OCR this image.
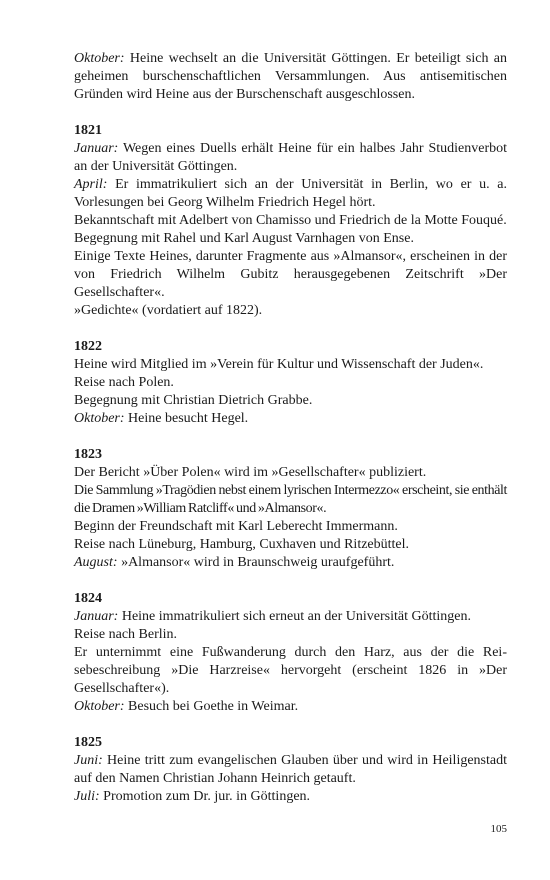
Oktober: Heine wechselt an die Universität Göttingen. Er beteiligt sich an geheimen burschenschaftlichen Versammlungen. Aus antisemitischen Gründen wird Heine aus der Burschenschaft ausgeschlossen.

1821

Januar: Wegen eines Duells erhält Heine für ein halbes Jahr Studienverbot an der Universität Göttingen.

April: Er immatrikuliert sich an der Universität in Berlin, wo er u. a. Vorlesungen bei Georg Wilhelm Friedrich Hegel hört.

Bekanntschaft mit Adelbert von Chamisso und Friedrich de la Motte Fouqué.

Begegnung mit Rahel und Karl August Varnhagen von Ense.

Einige Texte Heines, darunter Fragmente aus »Almansor«, erscheinen in der von Friedrich Wilhelm Gubitz herausgegebenen Zeitschrift »Der Gesellschafter«.

»Gedichte« (vordatiert auf 1822).

1822

Heine wird Mitglied im »Verein für Kultur und Wissenschaft der Juden«.

Reise nach Polen.

Begegnung mit Christian Dietrich Grabbe.

Oktober: Heine besucht Hegel.

1823

Der Bericht »Über Polen« wird im »Gesellschafter« publiziert.

Die Sammlung »Tragödien nebst einem lyrischen Intermezzo« erscheint, sie enthält die Dramen »William Ratcliff« und »Almansor«.

Beginn der Freundschaft mit Karl Leberecht Immermann.

Reise nach Lüneburg, Hamburg, Cuxhaven und Ritzebüttel.

August: »Almansor« wird in Braunschweig uraufgeführt.

1824

Januar: Heine immatrikuliert sich erneut an der Universität Göttingen.

Reise nach Berlin.

Er unternimmt eine Fußwanderung durch den Harz, aus der die Reisebeschreibung »Die Harzreise« hervorgeht (erscheint 1826 in »Der Gesellschafter«).

Oktober: Besuch bei Goethe in Weimar.

1825

Juni: Heine tritt zum evangelischen Glauben über und wird in Heiligenstadt auf den Namen Christian Johann Heinrich getauft.

Juli: Promotion zum Dr. jur. in Göttingen.

105
